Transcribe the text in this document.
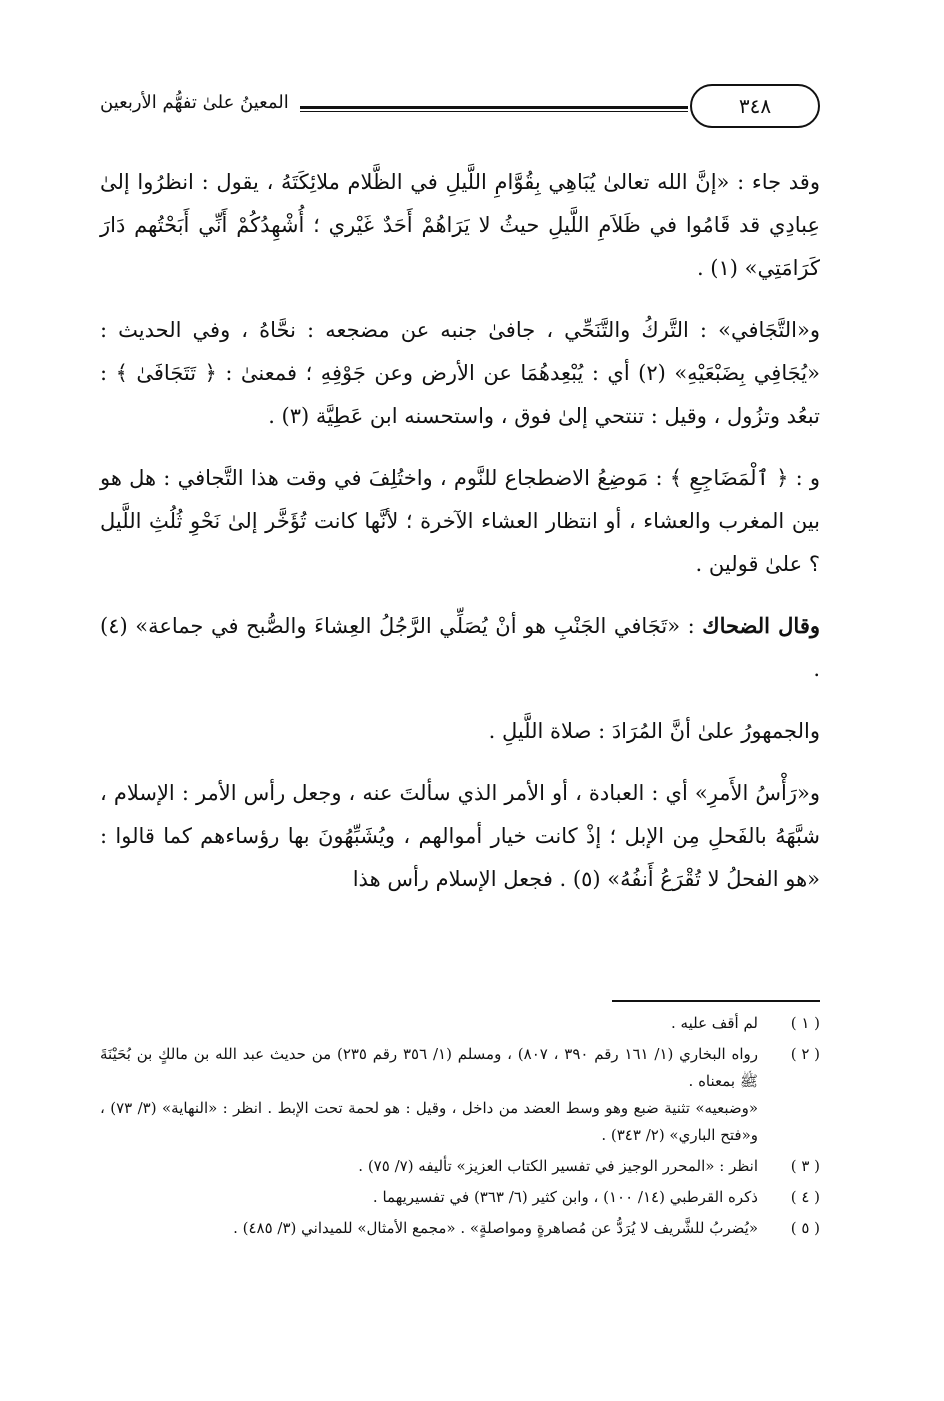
المعينُ علىٰ تفهُّم الأربعين	٣٤٨

وقد جاء : «إنَّ الله تعالىٰ يُبَاهِي بِقُوَّامِ اللَّيلِ في الظَّلام ملائِكَتَهُ ، يقول : انظرُوا إلىٰ عِبادِي قد قَامُوا في ظَلاَمِ اللَّيلِ حيثُ لا يَرَاهُمْ أَحَدٌ غَيْري ؛ أُشْهِدُكُمْ أَنِّي أَبَحْتُهم دَارَ كَرَامَتِي» (١) .

و«التَّجَافي» : التَّركُ والتَّنَحِّي ، جافىٰ جنبه عن مضجعه : نحَّاهُ ، وفي الحديث : «يُجَافِي بِضَبْعَيْهِ» (٢) أي : يُبْعِدهُمَا عن الأرض وعن جَوْفِهِ ؛ فمعنىٰ : ﴿ تَتَجَافَىٰ ﴾ : تبعُد وتزُول ، وقيل : تنتحي إلىٰ فوق ، واستحسنه ابن عَطِيَّة (٣) .

و : ﴿ ٱلْمَضَاجِعِ ﴾ : مَوضِعُ الاضطجاع للنَّوم ، واختُلِفَ في وقت هذا التَّجافي : هل هو بين المغرب والعشاء ، أو انتظار العشاء الآخرة ؛ لأنَّها كانت تُؤَخَّر إلىٰ نَحْوِ ثُلُثِ اللَّيل ؟ علىٰ قولين .

وقال الضحاك : «تَجَافي الجَنْبِ هو أنْ يُصَلِّي الرَّجُلُ العِشاءَ والصُّبح في جماعة» (٤) .

والجمهورُ علىٰ أنَّ المُرَادَ : صلاة اللَّيلِ .

و«رَأْسُ الأَمرِ» أي : العبادة ، أو الأمر الذي سألتَ عنه ، وجعل رأس الأمر : الإسلام ، شبَّهَهُ بالفَحلِ مِن الإبل ؛ إذْ كانت خيار أموالهم ، ويُشَبِّهُونَ بها رؤساءهم كما قالوا : «هو الفحلُ لا تُقْرَعُ أَنفُهُ» (٥) . فجعل الإسلام رأس هذا

( ١ )
لم أقف عليه .
( ٢ )
رواه البخاري (١/ ١٦١ رقم ٣٩٠ ، ٨٠٧) ، ومسلم (١/ ٣٥٦ رقم ٢٣٥) من حديث عبد الله بن مالكٍ بن بُحَيْنَةَ ﷺ بمعناه .
«وضبعيه» تثنية ضبع وهو وسط العضد من داخل ، وقيل : هو لحمة تحت الإبط . انظر : «النهاية» (٣/ ٧٣) ، و«فتح الباري» (٢/ ٣٤٣) .
( ٣ )
انظر : «المحرر الوجيز في تفسير الكتاب العزيز» تأليفه (٧/ ٧٥) .
( ٤ )
ذكره القرطبي (١٤/ ١٠٠) ، وابن كثير (٦/ ٣٦٣) في تفسيريهما .
( ٥ )
«يُضربُ للشَّريف لا يُرَدُّ عن مُصاهرةٍ ومواصلةٍ» . «مجمع الأمثال» للميداني (٣/ ٤٨٥) .
